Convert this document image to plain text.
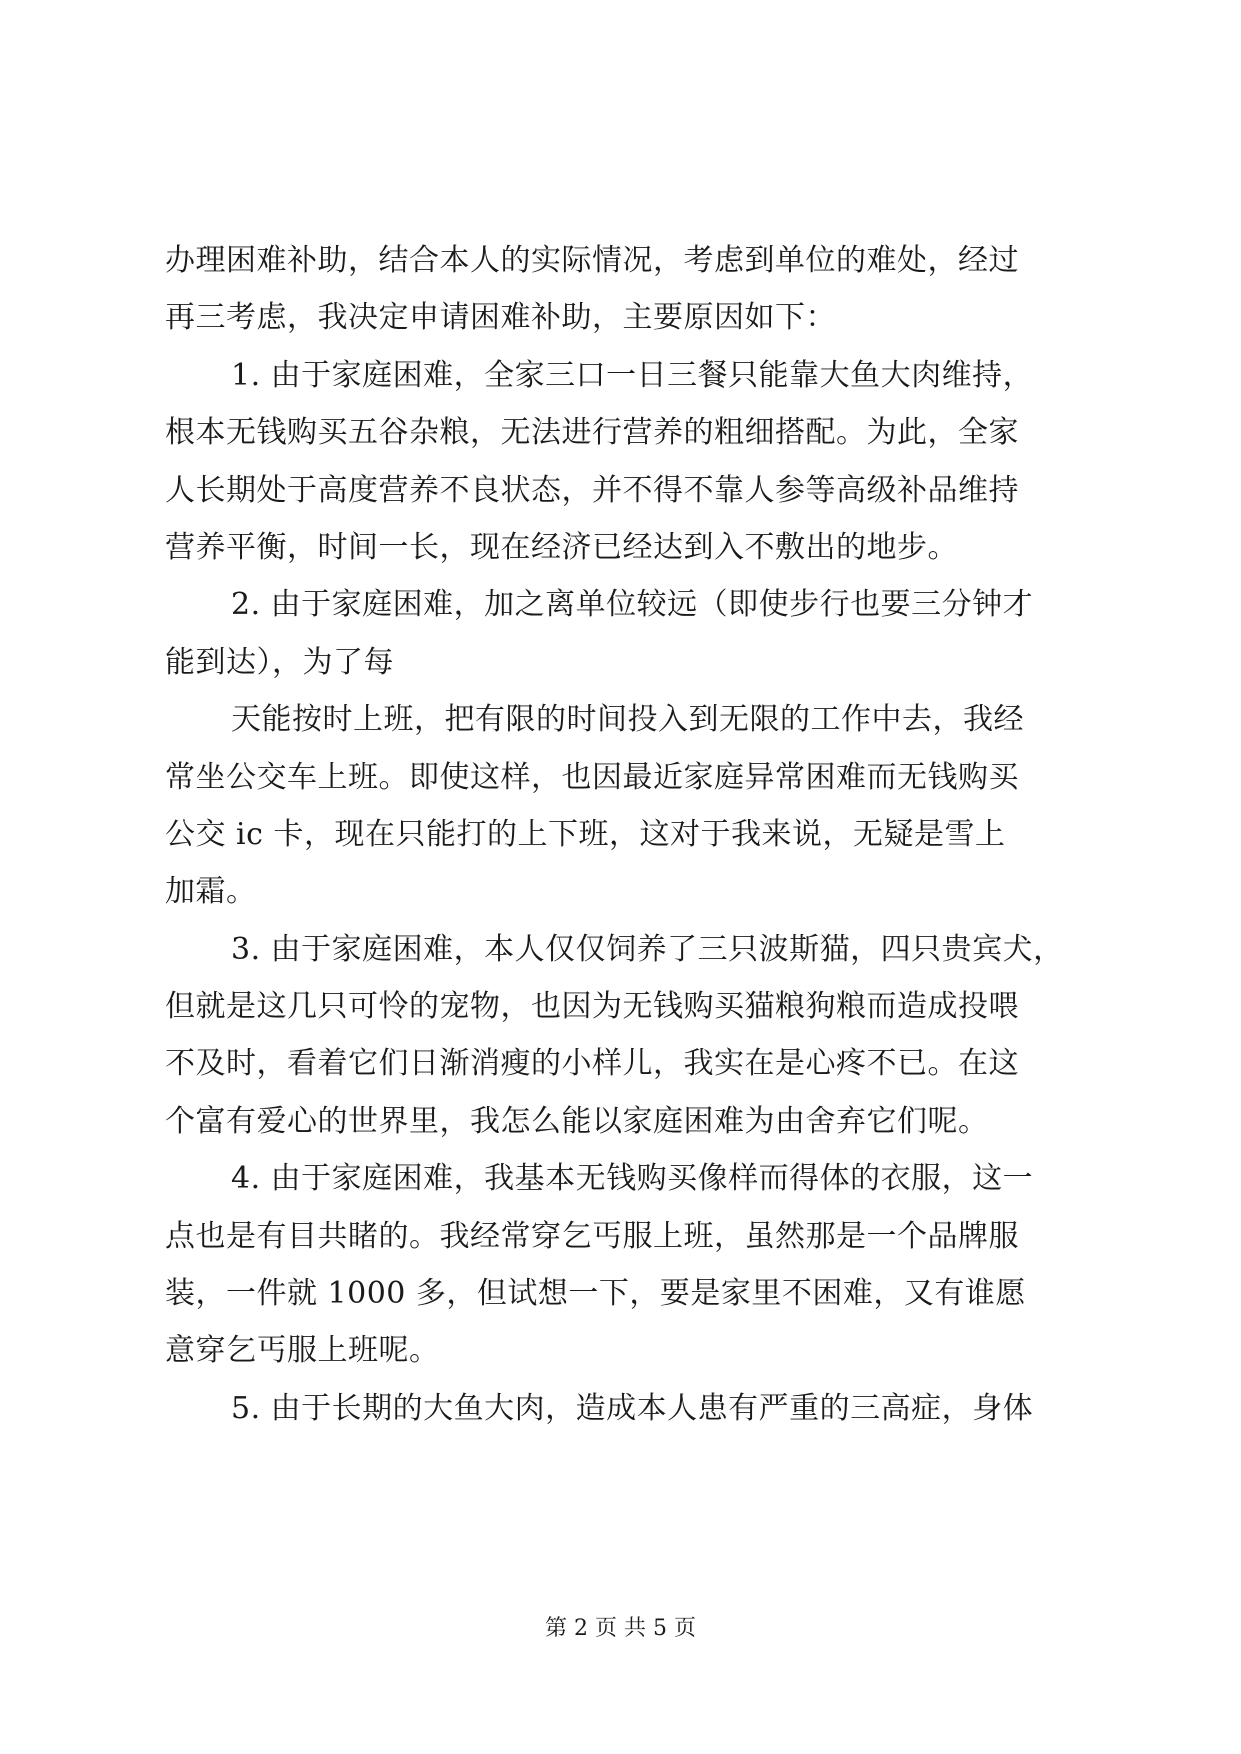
办理困难补助，结合本人的实际情况，考虑到单位的难处，经过
再三考虑，我决定申请困难补助，主要原因如下：
1. 由于家庭困难，全家三口一日三餐只能靠大鱼大肉维持，
根本无钱购买五谷杂粮，无法进行营养的粗细搭配。为此，全家
人长期处于高度营养不良状态，并不得不靠人参等高级补品维持
营养平衡，时间一长，现在经济已经达到入不敷出的地步。
2. 由于家庭困难，加之离单位较远（即使步行也要三分钟才
能到达），为了每
天能按时上班，把有限的时间投入到无限的工作中去，我经
常坐公交车上班。即使这样，也因最近家庭异常困难而无钱购买
公交 ic 卡，现在只能打的上下班，这对于我来说，无疑是雪上
加霜。
3. 由于家庭困难，本人仅仅饲养了三只波斯猫，四只贵宾犬，
但就是这几只可怜的宠物，也因为无钱购买猫粮狗粮而造成投喂
不及时，看着它们日渐消瘦的小样儿，我实在是心疼不已。在这
个富有爱心的世界里，我怎么能以家庭困难为由舍弃它们呢。
4. 由于家庭困难，我基本无钱购买像样而得体的衣服，这一
点也是有目共睹的。我经常穿乞丐服上班，虽然那是一个品牌服
装，一件就 1000 多，但试想一下，要是家里不困难，又有谁愿
意穿乞丐服上班呢。
5. 由于长期的大鱼大肉，造成本人患有严重的三高症，身体
第 2 页 共 5 页
